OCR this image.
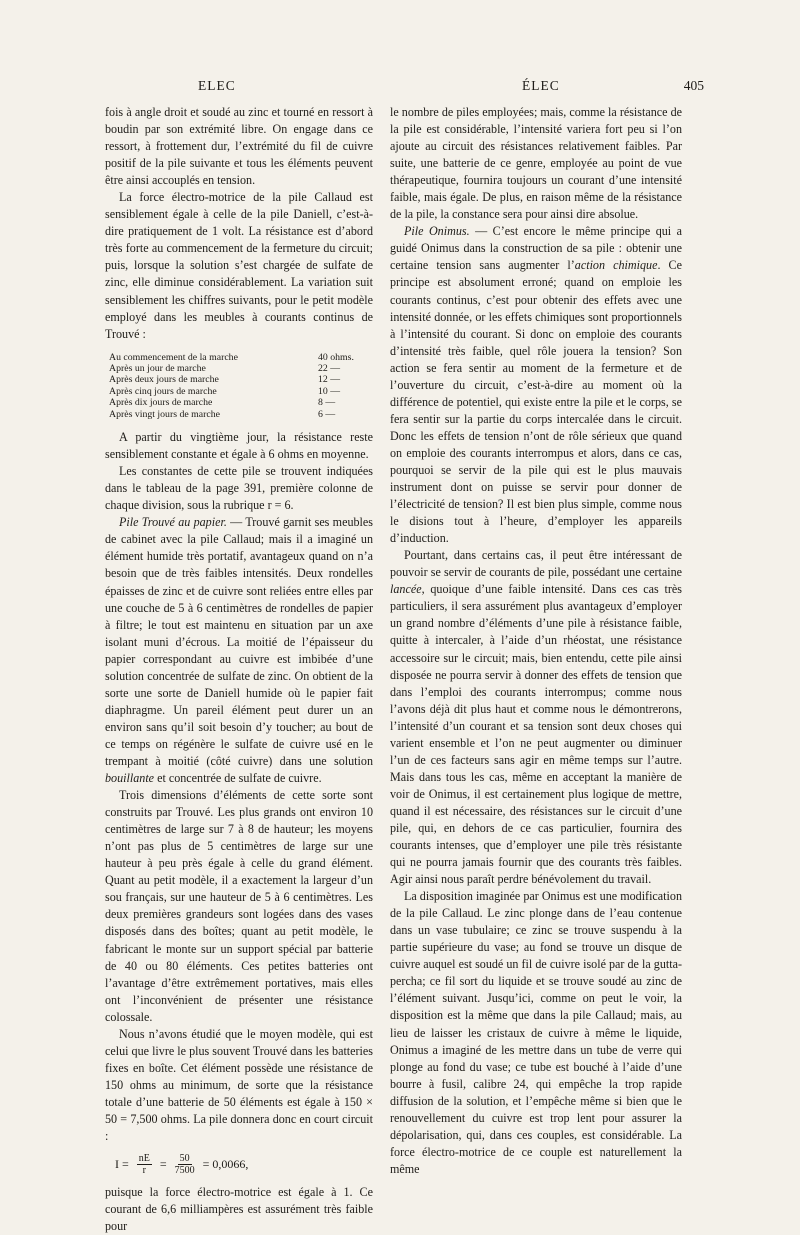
ELEC	ÉLEC	405

fois à angle droit et soudé au zinc et tourné en ressort à boudin par son extrémité libre. On engage dans ce ressort, à frottement dur, l’extrémité du fil de cuivre positif de la pile suivante et tous les éléments peuvent être ainsi accouplés en tension.

La force électro-motrice de la pile Callaud est sensiblement égale à celle de la pile Daniell, c’est-à-dire pratiquement de 1 volt. La résistance est d’abord très forte au commencement de la fermeture du circuit; puis, lorsque la solution s’est chargée de sulfate de zinc, elle diminue considérablement. La variation suit sensiblement les chiffres suivants, pour le petit modèle employé dans les meubles à courants continus de Trouvé :

Au commencement de la marche	40 ohms.
Après un jour de marche	22 —
Après deux jours de marche	12 —
Après cinq jours de marche	10 —
Après dix jours de marche	8 —
Après vingt jours de marche	6 —

A partir du vingtième jour, la résistance reste sensiblement constante et égale à 6 ohms en moyenne.

Les constantes de cette pile se trouvent indiquées dans le tableau de la page 391, première colonne de chaque division, sous la rubrique r = 6.

Pile Trouvé au papier. — Trouvé garnit ses meubles de cabinet avec la pile Callaud; mais il a imaginé un élément humide très portatif, avantageux quand on n’a besoin que de très faibles intensités. Deux rondelles épaisses de zinc et de cuivre sont reliées entre elles par une couche de 5 à 6 centimètres de rondelles de papier à filtre; le tout est maintenu en situation par un axe isolant muni d’écrous. La moitié de l’épaisseur du papier correspondant au cuivre est imbibée d’une solution concentrée de sulfate de zinc. On obtient de la sorte une sorte de Daniell humide où le papier fait diaphragme. Un pareil élément peut durer un an environ sans qu’il soit besoin d’y toucher; au bout de ce temps on régénère le sulfate de cuivre usé en le trempant à moitié (côté cuivre) dans une solution bouillante et concentrée de sulfate de cuivre.

Trois dimensions d’éléments de cette sorte sont construits par Trouvé. Les plus grands ont environ 10 centimètres de large sur 7 à 8 de hauteur; les moyens n’ont pas plus de 5 centimètres de large sur une hauteur à peu près égale à celle du grand élément. Quant au petit modèle, il a exactement la largeur d’un sou français, sur une hauteur de 5 à 6 centimètres. Les deux premières grandeurs sont logées dans des vases disposés dans des boîtes; quant au petit modèle, le fabricant le monte sur un support spécial par batterie de 40 ou 80 éléments. Ces petites batteries ont l’avantage d’être extrêmement portatives, mais elles ont l’inconvénient de présenter une résistance colossale.

Nous n’avons étudié que le moyen modèle, qui est celui que livre le plus souvent Trouvé dans les batteries fixes en boîte. Cet élément possède une résistance de 150 ohms au minimum, de sorte que la résistance totale d’une batterie de 50 éléments est égale à 150 × 50 = 7,500 ohms. La pile donnera donc en court circuit :

$I = \frac{nE}{r} = \frac{50}{7500} = 0,0066$,

puisque la force électro-motrice est égale à 1. Ce courant de 6,6 milliampères est assurément très faible pour

le nombre de piles employées; mais, comme la résistance de la pile est considérable, l’intensité variera fort peu si l’on ajoute au circuit des résistances relativement faibles. Par suite, une batterie de ce genre, employée au point de vue thérapeutique, fournira toujours un courant d’une intensité faible, mais égale. De plus, en raison même de la résistance de la pile, la constance sera pour ainsi dire absolue.

Pile Onimus. — C’est encore le même principe qui a guidé Onimus dans la construction de sa pile : obtenir une certaine tension sans augmenter l’action chimique. Ce principe est absolument erroné; quand on emploie les courants continus, c’est pour obtenir des effets avec une intensité donnée, or les effets chimiques sont proportionnels à l’intensité du courant. Si donc on emploie des courants d’intensité très faible, quel rôle jouera la tension? Son action se fera sentir au moment de la fermeture et de l’ouverture du circuit, c’est-à-dire au moment où la différence de potentiel, qui existe entre la pile et le corps, se fera sentir sur la partie du corps intercalée dans le circuit. Donc les effets de tension n’ont de rôle sérieux que quand on emploie des courants interrompus et alors, dans ce cas, pourquoi se servir de la pile qui est le plus mauvais instrument dont on puisse se servir pour donner de l’électricité de tension? Il est bien plus simple, comme nous le disions tout à l’heure, d’employer les appareils d’induction.

Pourtant, dans certains cas, il peut être intéressant de pouvoir se servir de courants de pile, possédant une certaine lancée, quoique d’une faible intensité. Dans ces cas très particuliers, il sera assurément plus avantageux d’employer un grand nombre d’éléments d’une pile à résistance faible, quitte à intercaler, à l’aide d’un rhéostat, une résistance accessoire sur le circuit; mais, bien entendu, cette pile ainsi disposée ne pourra servir à donner des effets de tension que dans l’emploi des courants interrompus; comme nous l’avons déjà dit plus haut et comme nous le démontrerons, l’intensité d’un courant et sa tension sont deux choses qui varient ensemble et l’on ne peut augmenter ou diminuer l’un de ces facteurs sans agir en même temps sur l’autre. Mais dans tous les cas, même en acceptant la manière de voir de Onimus, il est certainement plus logique de mettre, quand il est nécessaire, des résistances sur le circuit d’une pile, qui, en dehors de ce cas particulier, fournira des courants intenses, que d’employer une pile très résistante qui ne pourra jamais fournir que des courants très faibles. Agir ainsi nous paraît perdre bénévolement du travail.

La disposition imaginée par Onimus est une modification de la pile Callaud. Le zinc plonge dans de l’eau contenue dans un vase tubulaire; ce zinc se trouve suspendu à la partie supérieure du vase; au fond se trouve un disque de cuivre auquel est soudé un fil de cuivre isolé par de la gutta-percha; ce fil sort du liquide et se trouve soudé au zinc de l’élément suivant. Jusqu’ici, comme on peut le voir, la disposition est la même que dans la pile Callaud; mais, au lieu de laisser les cristaux de cuivre à même le liquide, Onimus a imaginé de les mettre dans un tube de verre qui plonge au fond du vase; ce tube est bouché à l’aide d’une bourre à fusil, calibre 24, qui empêche la trop rapide diffusion de la solution, et l’empêche même si bien que le renouvellement du cuivre est trop lent pour assurer la dépolarisation, qui, dans ces couples, est considérable. La force électro-motrice de ce couple est naturellement la même
